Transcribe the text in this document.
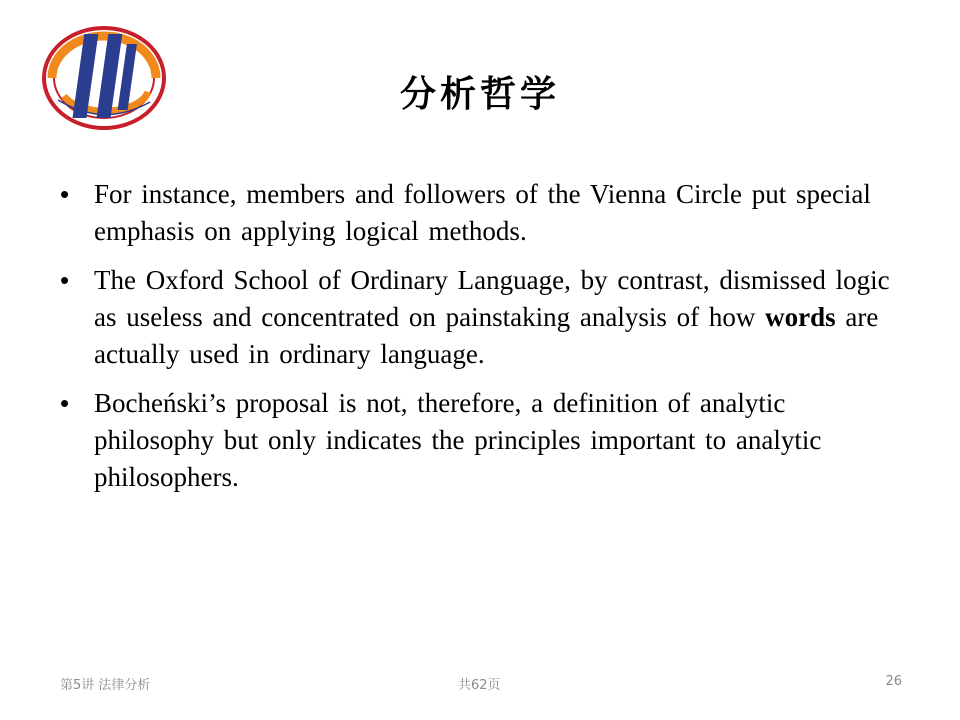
分析哲学
• For instance, members and followers of the Vienna Circle put special emphasis on applying logical methods.
• The Oxford School of Ordinary Language, by contrast, dismissed logic as useless and concentrated on painstaking analysis of how words are actually used in ordinary language.
• Bocheński’s proposal is not, therefore, a definition of analytic philosophy but only indicates the principles important to analytic philosophers.
第5讲 法律分析	共62页	26
